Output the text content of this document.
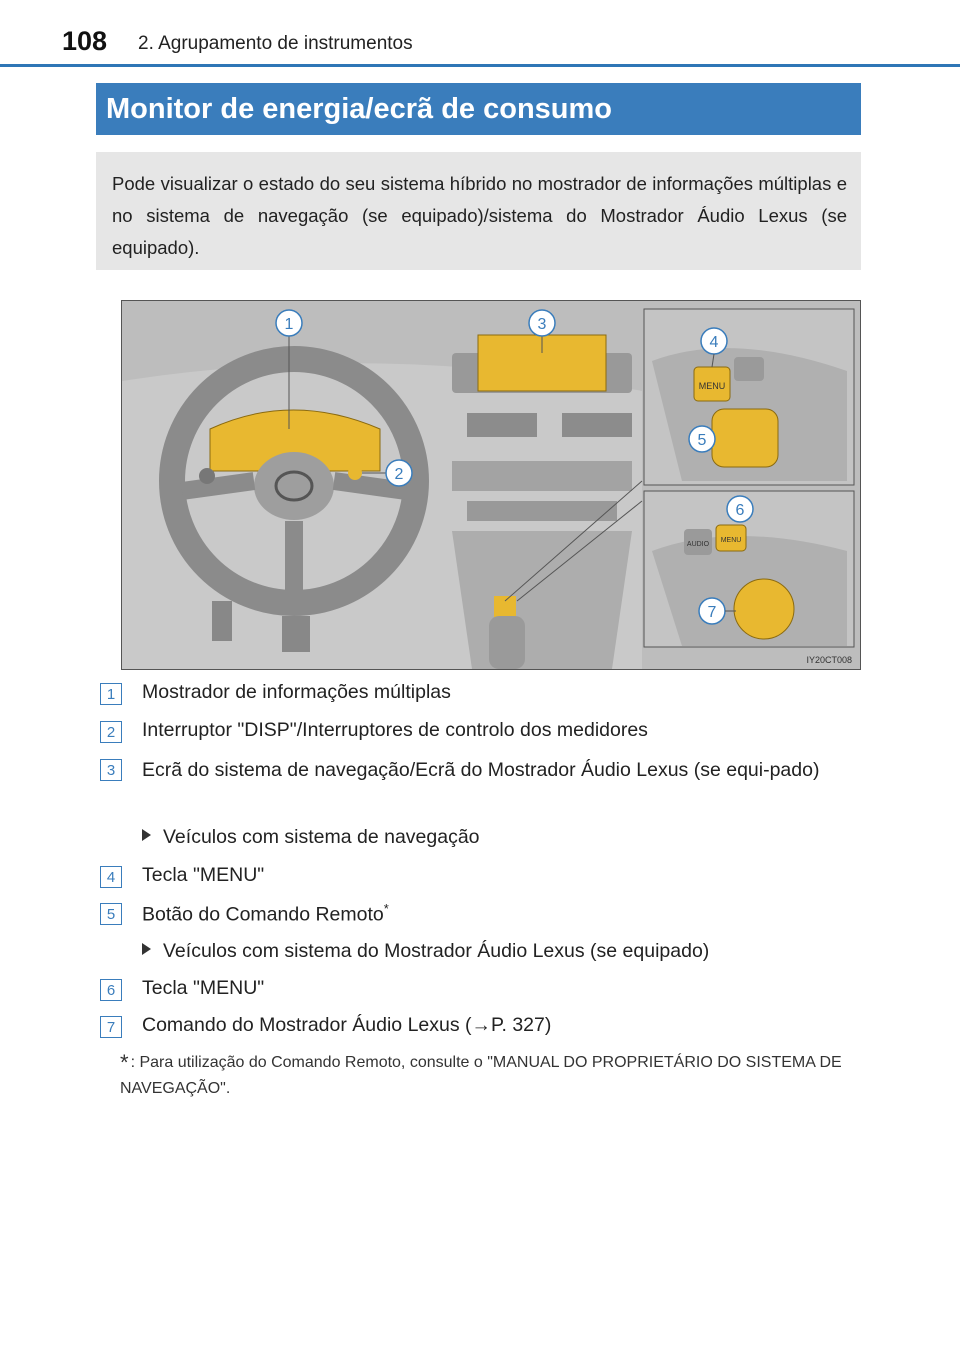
108 2. Agrupamento de instrumentos
Monitor de energia/ecrã de consumo
Pode visualizar o estado do seu sistema híbrido no mostrador de informações múltiplas e no sistema de navegação (se equipado)/sistema do Mostrador Áudio Lexus (se equipado).
1
2
3
MENU
4
5
AUDIO
MENU
6
7
IY20CT008
1	Mostrador de informações múltiplas
2	Interruptor "DISP"/Interruptores de controlo dos medidores
3	Ecrã do sistema de navegação/Ecrã do Mostrador Áudio Lexus (se equi-pado)
Veículos com sistema de navegação
4	Tecla "MENU"
5	Botão do Comando Remoto*
Veículos com sistema do Mostrador Áudio Lexus (se equipado)
6	Tecla "MENU"
7	Comando do Mostrador Áudio Lexus (→P. 327)
* : Para utilização do Comando Remoto, consulte o "MANUAL DO PROPRIETÁRIO DO SISTEMA DE NAVEGAÇÃO".
